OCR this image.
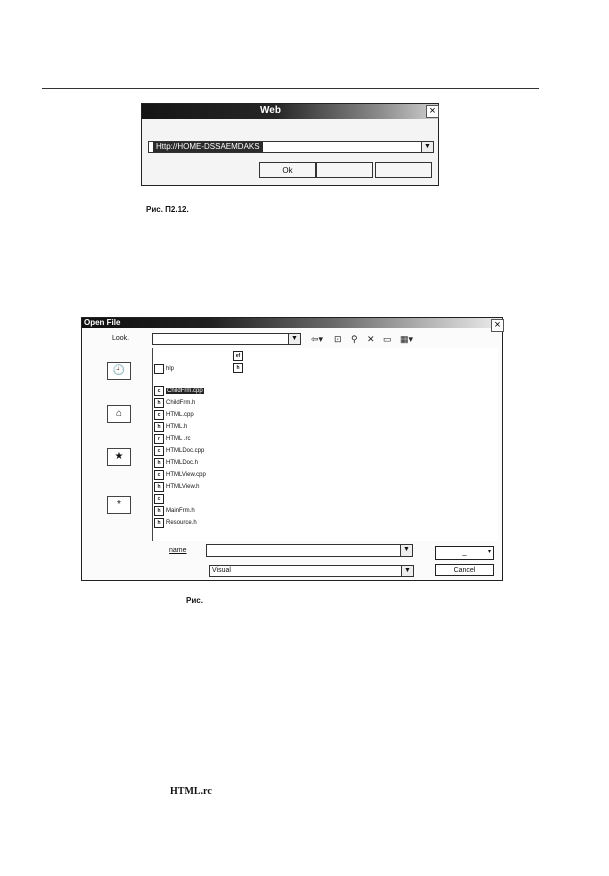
Web	×
Http://HOME-DSSAEMDAKS	▼
Ok
Рис. П2.12.
Open File	×
Look.	▼ ⇦▾ ⊡ ⚲ ✕ ▭ ▦▾
🕘
⌂
★
*
hlp
c	ChildFrm.cpp
h ChildFrm.h
c HTML.cpp
h HTML.h
r	HTML .rc
c HTMLDoc.cpp
h HTMLDoc.h
c HTMLView.cpp
h HTMLView.h
c
h MainFrm.h
h Resource.h
ef
h
name	▼
Visual	▼
_	▾
Cancel
Рис.
HTML.rc
